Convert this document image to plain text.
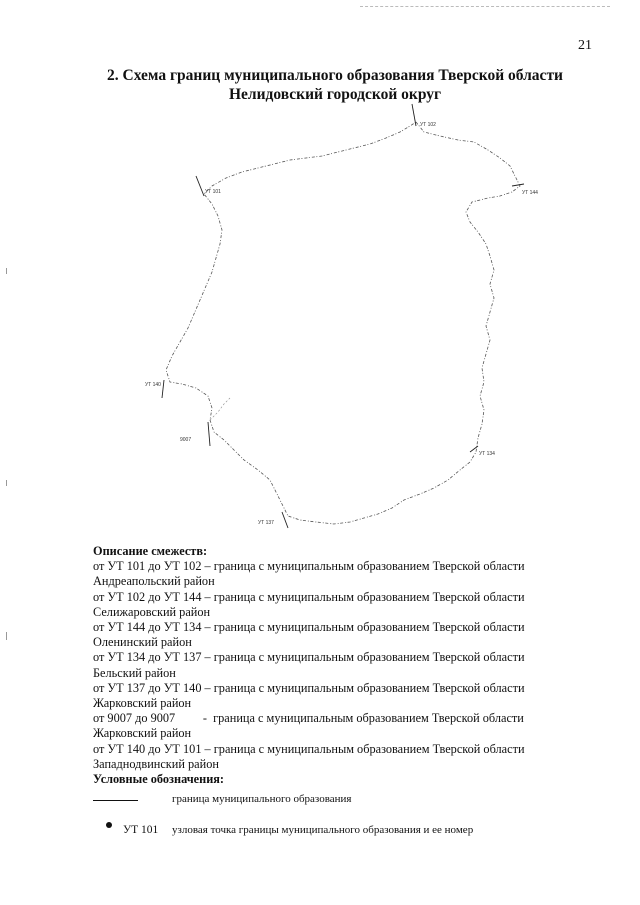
21
2. Схема границ муниципального образования Тверской области
Нелидовский городской округ
УТ 102
УТ 101	УТ 144
УТ 140
9007
УТ 134
УТ 137
Описание смежеств:
от УТ 101 до УТ 102 – граница с муниципальным образованием Тверской области
Андреапольский район
от УТ 102 до УТ 144 – граница с муниципальным образованием Тверской области
Селижаровский район
от УТ 144 до УТ 134 – граница с муниципальным образованием Тверской области
Оленинский район
от УТ 134 до УТ 137 – граница с муниципальным образованием Тверской области
Бельский район
от УТ 137 до УТ 140 – граница с муниципальным образованием Тверской области
Жарковский район
от 9007 до 9007         -  граница с муниципальным образованием Тверской области
Жарковский район
от УТ 140 до УТ 101 – граница с муниципальным образованием Тверской области
Западнодвинский район
Условные обозначения:
граница муниципального образования
УТ 101 узловая точка границы муниципального образования и ее номер
